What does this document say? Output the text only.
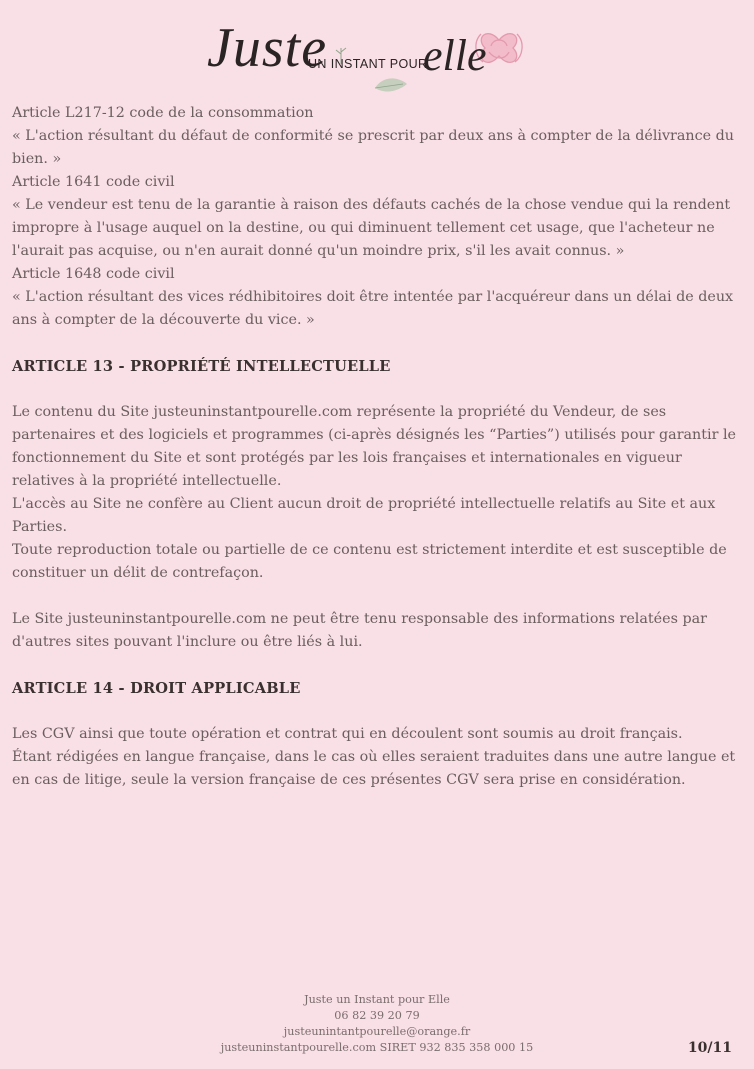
Juste
UN INSTANT POUR
elle

Article L217-12 code de la consommation

« L'action résultant du défaut de conformité se prescrit par deux ans à compter de la délivrance du bien. »

Article 1641 code civil

« Le vendeur est tenu de la garantie à raison des défauts cachés de la chose vendue qui la rendent impropre à l'usage auquel on la destine, ou qui diminuent tellement cet usage, que l'acheteur ne l'aurait pas acquise, ou n'en aurait donné qu'un moindre prix, s'il les avait connus. »

Article 1648 code civil

« L'action résultant des vices rédhibitoires doit être intentée par l'acquéreur dans un délai de deux ans à compter de la découverte du vice. »

ARTICLE 13 - PROPRIÉTÉ INTELLECTUELLE

Le contenu du Site justeuninstantpourelle.com représente la propriété du Vendeur, de ses partenaires et des logiciels et programmes (ci-après désignés les “Parties”) utilisés pour garantir le fonctionnement du Site et sont protégés par les lois françaises et internationales en vigueur relatives à la propriété intellectuelle.

L'accès au Site ne confère au Client aucun droit de propriété intellectuelle relatifs au Site et aux Parties.

Toute reproduction totale ou partielle de ce contenu est strictement interdite et est susceptible de constituer un délit de contrefaçon.

Le Site justeuninstantpourelle.com ne peut être tenu responsable des informations relatées par d'autres sites pouvant l'inclure ou être liés à lui.

ARTICLE 14 - DROIT APPLICABLE

Les CGV ainsi que toute opération et contrat qui en découlent sont soumis au droit français.

Étant rédigées en langue française, dans le cas où elles seraient traduites dans une autre langue et en cas de litige, seule la version française de ces présentes CGV sera prise en considération.

Juste un Instant pour Elle
06 82 39 20 79
justeunintantpourelle@orange.fr
justeuninstantpourelle.com SIRET 932 835 358 000 15	10/11
